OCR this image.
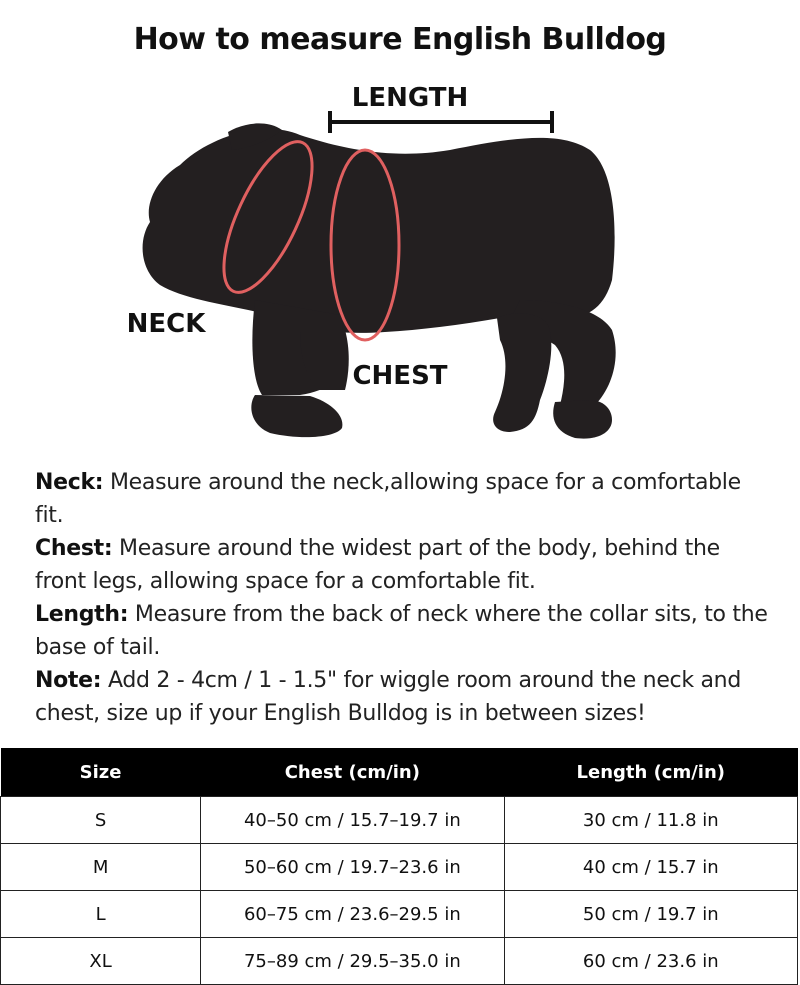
How to measure English Bulldog
LENGTH
NECK
CHEST

Neck: Measure around the neck,allowing space for a comfortable fit.

Chest: Measure around the widest part of the body, behind the front legs, allowing space for a comfortable fit.

Length: Measure from the back of neck where the collar sits, to the base of tail.

Note: Add 2 - 4cm / 1 - 1.5" for wiggle room around the neck and chest, size up if your English Bulldog is in between sizes!

Size	Chest (cm/in)	Length (cm/in)
S	40–50 cm / 15.7–19.7 in	30 cm / 11.8 in
M	50–60 cm / 19.7–23.6 in	40 cm / 15.7 in
L	60–75 cm / 23.6–29.5 in	50 cm / 19.7 in
XL	75–89 cm / 29.5–35.0 in	60 cm / 23.6 in
